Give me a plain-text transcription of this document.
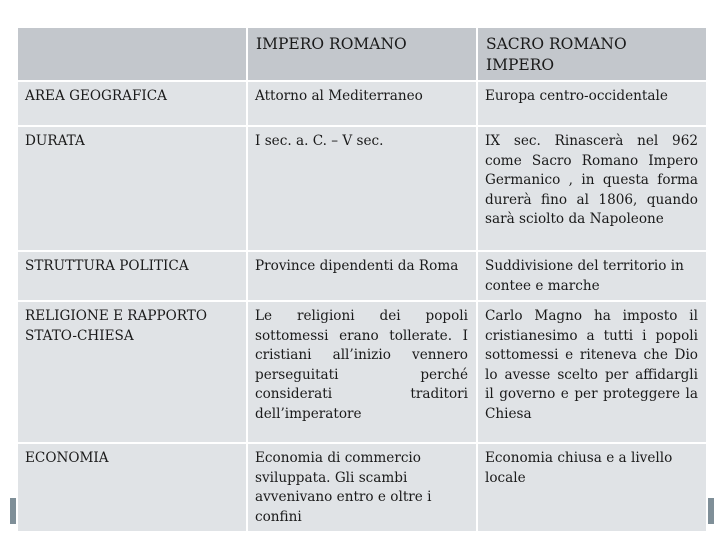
	IMPERO ROMANO	SACRO ROMANO IMPERO
AREA GEOGRAFICA	Attorno al Mediterraneo	Europa centro-occidentale
DURATA	I sec. a. C. – V sec.	IX sec. Rinascerà nel 962 come Sacro Romano Impero Germanico , in questa forma durerà fino al 1806, quando sarà sciolto da Napoleone
STRUTTURA POLITICA	Province dipendenti da Roma	Suddivisione del territorio in contee e marche
RELIGIONE E RAPPORTO STATO-CHIESA	Le religioni dei popoli sottomessi erano tollerate. I cristiani all’inizio vennero perseguitati perché considerati traditori dell’imperatore	Carlo Magno ha imposto il cristianesimo a tutti i popoli sottomessi e riteneva che Dio lo avesse scelto per affidargli il governo e per proteggere la Chiesa
ECONOMIA	Economia di commercio sviluppata. Gli scambi avvenivano entro e oltre i confini	Economia chiusa e a livello locale
